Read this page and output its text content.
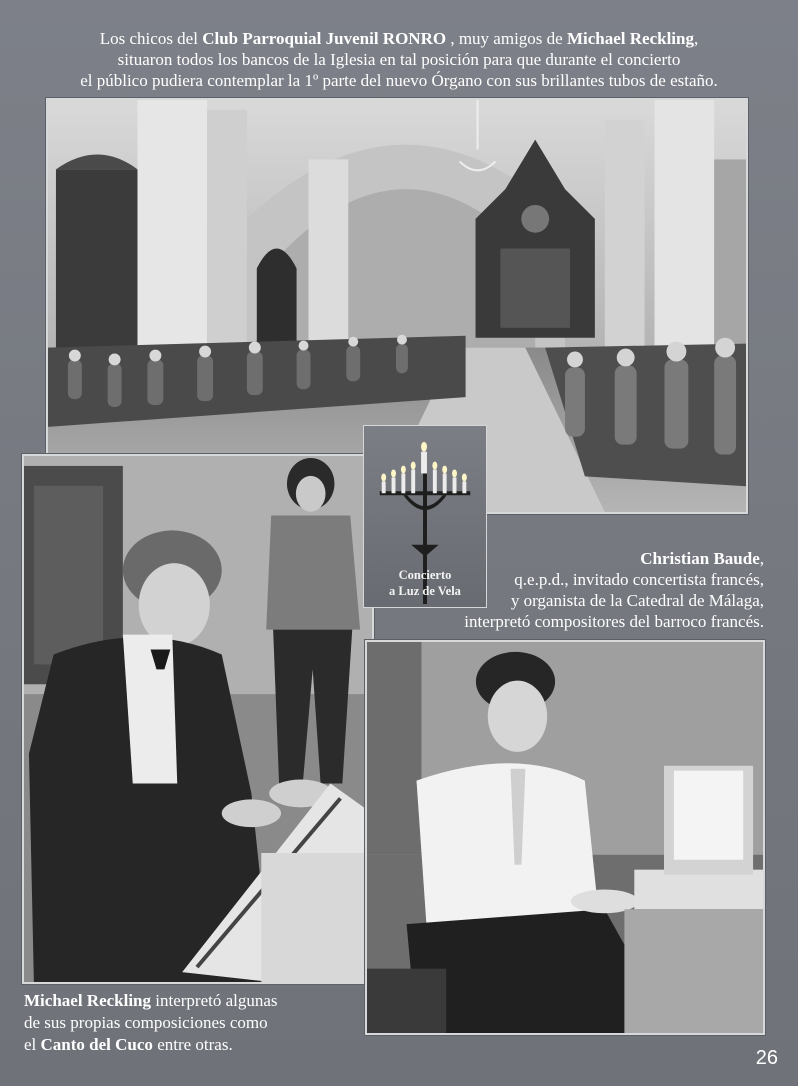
Los chicos del Club Parroquial Juvenil RONRO , muy amigos de Michael Reckling,
situaron todos los bancos de la Iglesia en tal posición para que durante el concierto
el público pudiera contemplar la 1º parte del nuevo Órgano con sus brillantes tubos de estaño.
Concierto
a Luz de Vela
Christian Baude,
q.e.p.d., invitado concertista francés,
y organista de la Catedral de Málaga,
interpretó compositores del barroco francés.
Michael Reckling interpretó algunas
de sus propias composiciones como
el Canto del Cuco entre otras.
26
